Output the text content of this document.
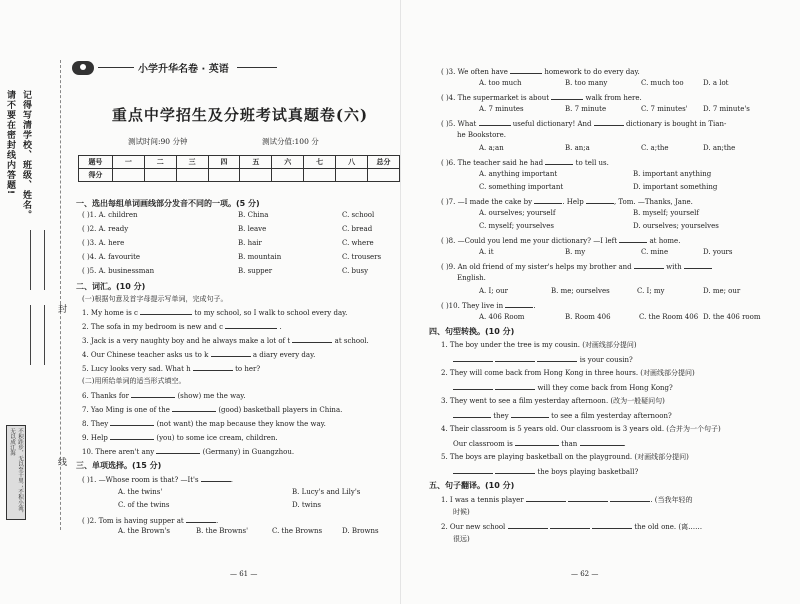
请不要在密封线内答题! 记得写清学校、班级、姓名。
不积跬步，无以至千里；不积小流，无以成江海
封
线
小学升华名卷 · 英语
重点中学招生及分班考试真题卷(六)
测试时间:90 分钟	测试分值:100 分
题号	一	二	三	四	五	六	七	八	总分
得分									
一、选出每组单词画线部分发音不同的一项。(5 分)
( )1. A. children	B. China	C. school
( )2. A. ready	B. leave	C. bread
( )3. A. here	B. hair	C. where
( )4. A. favourite	B. mountain	C. trousers
( )5. A. businessman	B. supper	C. busy
二、词汇。(10 分)
(一)根据句意及首字母提示写单词，完成句子。
1. My home is c	to my school, so I walk to school every day.
2. The sofa in my bedroom is new and c	.
3. Jack is a very naughty boy and he always make a lot of t	at school.
4. Our Chinese teacher asks us to k	a diary every day.
5. Lucy looks very sad. What h	to her?
(二)用所给单词的适当形式填空。
6. Thanks for	(show) me the way.
7. Yao Ming is one of the	(good) basketball players in China.
8. They	(not want) the map because they know the way.
9. Help	(you) to some ice cream, children.
10. There aren't any	(Germany) in Guangzhou.
三、单项选择。(15 分)
( )1. —Whose room is that? —It's	.
A. the twins'	B. Lucy's and Lily's
C. of the twins	D. twins
( )2. Tom is having supper at	.
A. the Brown's	B. the Browns'	C. the Browns	D. Browns
— 61 —
( )3. We often have	homework to do every day.
A. too much	B. too many	C. much too	D. a lot
( )4. The supermarket is about	walk from here.
A. 7 minutes	B. 7 minute	C. 7 minutes' D. 7 minute's
( )5. What	useful dictionary! And	dictionary is bought in Tian-
he Bookstore.
A. a;an	B. an;a	C. a;the	D. an;the
( )6. The teacher said he had	to tell us.
A. anything important	B. important anything
C. something important	D. important something
( )7. —I made the cake by	. Help	, Tom. —Thanks, Jane.
A. ourselves; yourself	B. myself; yourself
C. myself; yourselves	D. ourselves; yourselves
( )8. —Could you lend me your dictionary? —I left	at home.
A. it	B. my	C. mine	D. yours
( )9. An old friend of my sister's helps my brother and	with
English.
A. I; our	B. me; ourselves	C. I; my	D. me; our
( )10. They live in	.
A. 406 Room	B. Room 406	C. the Room 406 D. the 406 room
四、句型转换。(10 分)
1. The boy under the tree is my cousin. (对画线部分提问)
is your cousin?
2. They will come back from Hong Kong in three hours. (对画线部分提问)
will they come back from Hong Kong?
3. They went to see a film yesterday afternoon. (改为一般疑问句)
they	to see a film yesterday afternoon?
4. Their classroom is 5 years old. Our classroom is 3 years old. (合并为一个句子)
Our classroom is	than	.
5. The boys are playing basketball on the playground. (对画线部分提问)
the boys playing basketball?
五、句子翻译。(10 分)
1. I was a tennis player	. (当我年轻的
时候)
2. Our new school	the old one. (离……
很远)
— 62 —
